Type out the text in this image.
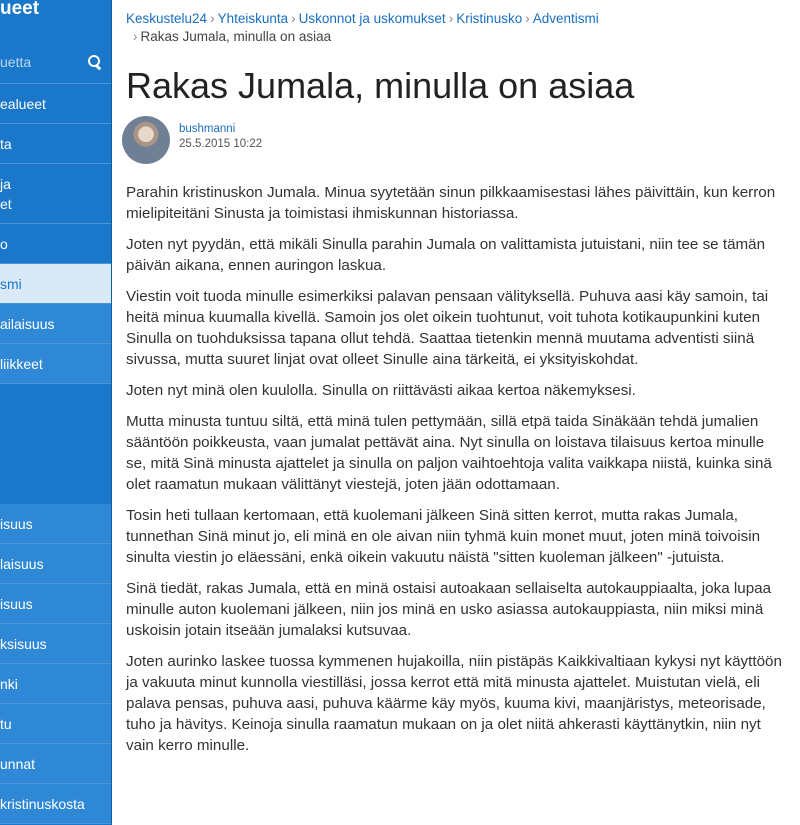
ueet
uetta
ealueet
ta
ja
et
o
smi
ailaisuus
liikkeet
isuus
laisuus
isuus
ksisuus
nki
tu
unnat
kristinuskosta
Keskustelu24 › Yhteiskunta › Uskonnot ja uskomukset › Kristinusko › Adventismi
› Rakas Jumala, minulla on asiaa
Rakas Jumala, minulla on asiaa
bushmanni
25.5.2015 10:22

Parahin kristinuskon Jumala. Minua syytetään sinun pilkkaamisestasi lähes päivittäin, kun kerron mielipiteitäni Sinusta ja toimistasi ihmiskunnan historiassa.

Joten nyt pyydän, että mikäli Sinulla parahin Jumala on valittamista jutuistani, niin tee se tämän päivän aikana, ennen auringon laskua.

Viestin voit tuoda minulle esimerkiksi palavan pensaan välityksellä. Puhuva aasi käy samoin, tai heitä minua kuumalla kivellä. Samoin jos olet oikein tuohtunut, voit tuhota kotikaupunkini kuten Sinulla on tuohduksissa tapana ollut tehdä. Saattaa tietenkin mennä muutama adventisti siinä sivussa, mutta suuret linjat ovat olleet Sinulle aina tärkeitä, ei yksityiskohdat.

Joten nyt minä olen kuulolla. Sinulla on riittävästi aikaa kertoa näkemyksesi.

Mutta minusta tuntuu siltä, että minä tulen pettymään, sillä etpä taida Sinäkään tehdä jumalien sääntöön poikkeusta, vaan jumalat pettävät aina. Nyt sinulla on loistava tilaisuus kertoa minulle se, mitä Sinä minusta ajattelet ja sinulla on paljon vaihtoehtoja valita vaikkapa niistä, kuinka sinä olet raamatun mukaan välittänyt viestejä, joten jään odottamaan.

Tosin heti tullaan kertomaan, että kuolemani jälkeen Sinä sitten kerrot, mutta rakas Jumala, tunnethan Sinä minut jo, eli minä en ole aivan niin tyhmä kuin monet muut, joten minä toivoisin sinulta viestin jo eläessäni, enkä oikein vakuutu näistä "sitten kuoleman jälkeen" -jutuista.

Sinä tiedät, rakas Jumala, että en minä ostaisi autoakaan sellaiselta autokauppiaalta, joka lupaa minulle auton kuolemani jälkeen, niin jos minä en usko asiassa autokauppiasta, niin miksi minä uskoisin jotain itseään jumalaksi kutsuvaa.

Joten aurinko laskee tuossa kymmenen hujakoilla, niin pistäpäs Kaikkivaltiaan kykysi nyt käyttöön ja vakuuta minut kunnolla viestilläsi, jossa kerrot että mitä minusta ajattelet. Muistutan vielä, eli palava pensas, puhuva aasi, puhuva käärme käy myös, kuuma kivi, maanjäristys, meteorisade, tuho ja hävitys. Keinoja sinulla raamatun mukaan on ja olet niitä ahkerasti käyttänytkin, niin nyt vain kerro minulle.
